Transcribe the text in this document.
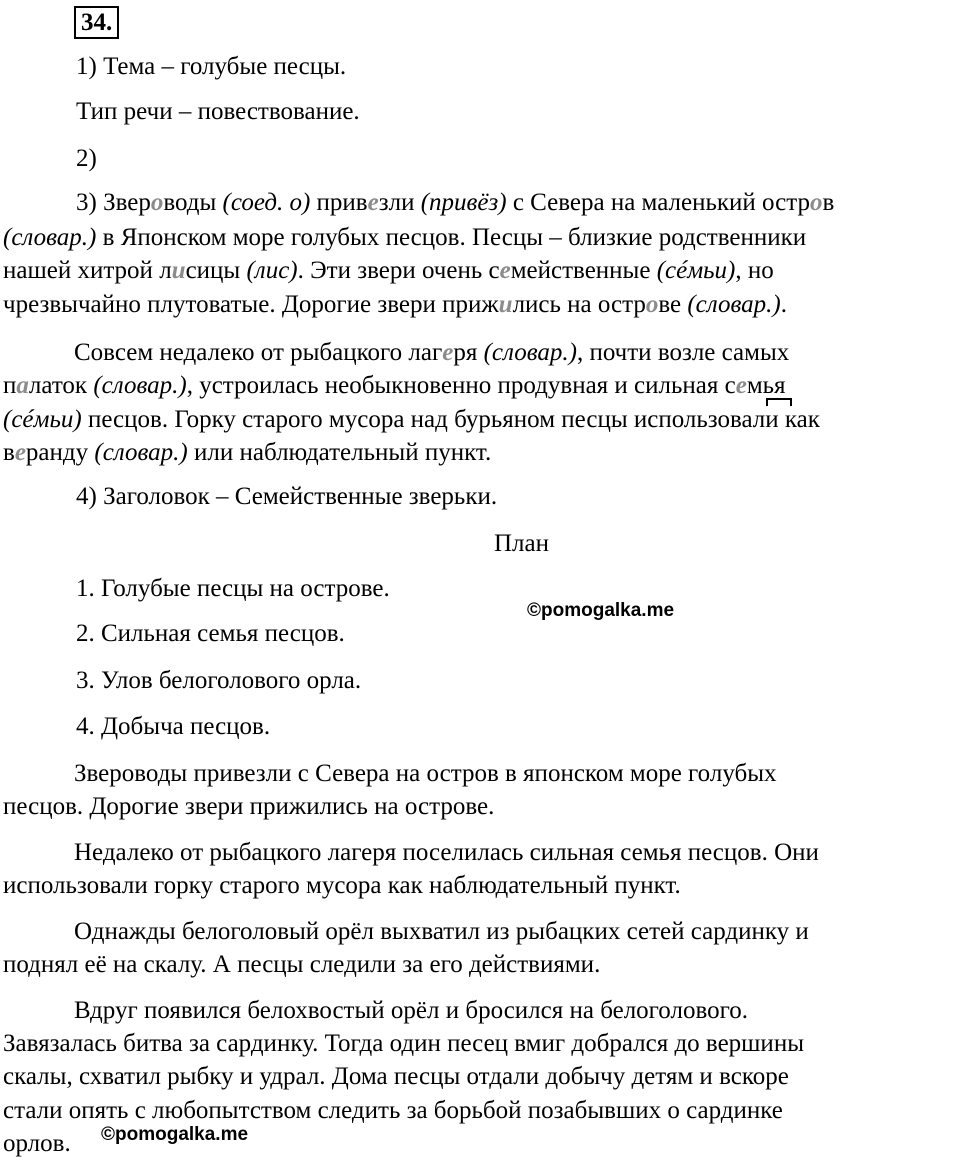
34.
1) Тема – голубые песцы.
Тип речи – повествование.
2)
3) Звероводы (соед. о) привезли (привёз) с Севера на маленький остров
(словар.) в Японском море голубых песцов. Песцы – близкие родственники
нашей хитрой лисицы (лис). Эти звери очень семейственные (сéмьи), но
чрезвычайно плутоватые. Дорогие звери прижились на острове (словар.).
Совсем недалеко от рыбацкого лагеря (словар.), почти возле самых
палаток (словар.), устроилась необыкновенно продувная и сильная семья
(сéмьи) песцов. Горку старого мусора над бурьяном песцы использовали как
веранду (словар.) или наблюдательный пункт.
4) Заголовок – Семейственные зверьки.
План
1. Голубые песцы на острове.
2. Сильная семья песцов.
3. Улов белоголового орла.
4. Добыча песцов.
©pomogalka.me
Звероводы привезли с Севера на остров в японском море голубых
песцов. Дорогие звери прижились на острове.
Недалеко от рыбацкого лагеря поселилась сильная семья песцов. Они
использовали горку старого мусора как наблюдательный пункт.
Однажды белоголовый орёл выхватил из рыбацких сетей сардинку и
поднял её на скалу. А песцы следили за его действиями.
Вдруг появился белохвостый орёл и бросился на белоголового.
Завязалась битва за сардинку. Тогда один песец вмиг добрался до вершины
скалы, схватил рыбку и удрал. Дома песцы отдали добычу детям и вскоре
стали опять с любопытством следить за борьбой позабывших о сардинке
орлов.	©pomogalka.me
